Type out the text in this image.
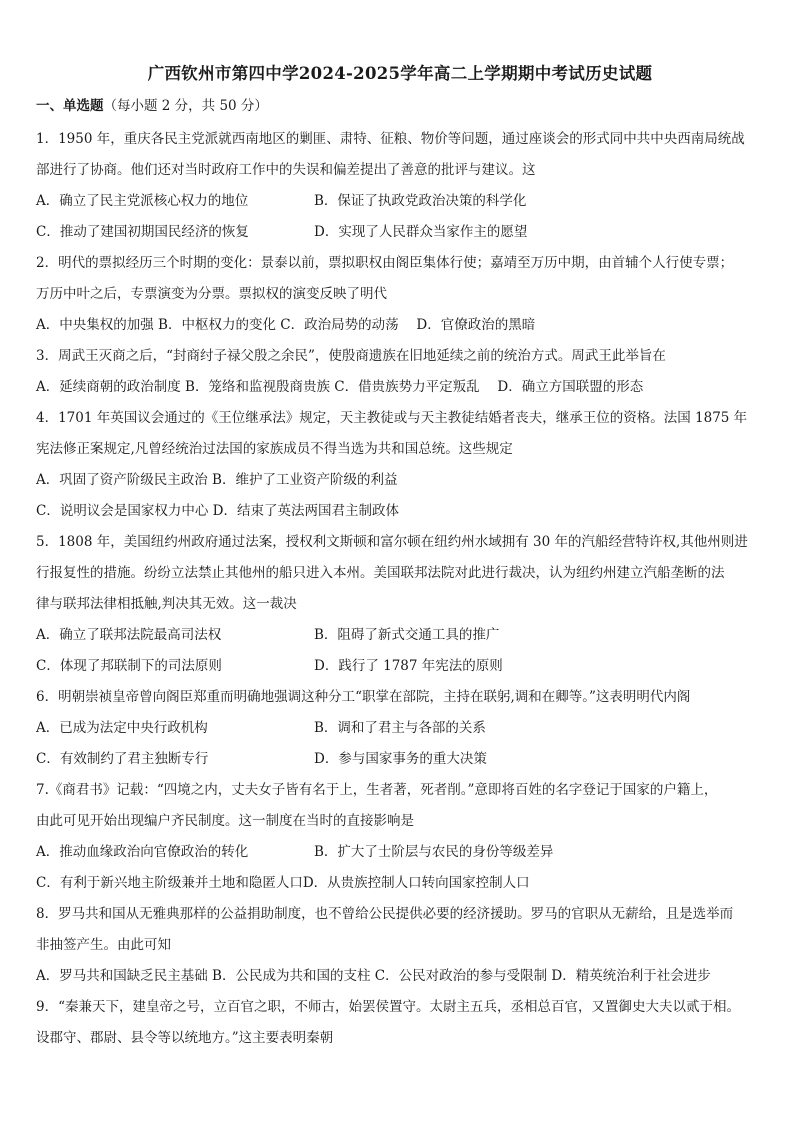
广西钦州市第四中学2024-2025学年高二上学期期中考试历史试题
一、单选题（每小题 2 分，共 50 分）
1．1950 年，重庆各民主党派就西南地区的剿匪、肃特、征粮、物价等问题，通过座谈会的形式同中共中央西南局统战
部进行了协商。他们还对当时政府工作中的失误和偏差提出了善意的批评与建议。这
A．确立了民主党派核心权力的地位	B．保证了执政党政治决策的科学化
C．推动了建国初期国民经济的恢复	D．实现了人民群众当家作主的愿望
2．明代的票拟经历三个时期的变化：景泰以前，票拟职权由阁臣集体行使；嘉靖至万历中期，由首辅个人行使专票；
万历中叶之后，专票演变为分票。票拟权的演变反映了明代
A．中央集权的加强 B．中枢权力的变化 C．政治局势的动荡　 D．官僚政治的黑暗
3．周武王灭商之后，“封商纣子禄父殷之余民”，使殷商遗族在旧地延续之前的统治方式。周武王此举旨在
A．延续商朝的政治制度 B．笼络和监视殷商贵族 C．借贵族势力平定叛乱　 D．确立方国联盟的形态
4．1701 年英国议会通过的《王位继承法》规定，天主教徒或与天主教徒结婚者丧夫，继承王位的资格。法国 1875 年
宪法修正案规定,凡曾经统治过法国的家族成员不得当选为共和国总统。这些规定
A．巩固了资产阶级民主政治 B．维护了工业资产阶级的利益
C．说明议会是国家权力中心 D．结束了英法两国君主制政体
5．1808 年，美国纽约州政府通过法案，授权利文斯顿和富尔顿在纽约州水域拥有 30 年的汽船经营特许权,其他州则进
行报复性的措施。纷纷立法禁止其他州的船只进入本州。美国联邦法院对此进行裁决，认为纽约州建立汽船垄断的法
律与联邦法律相抵触,判决其无效。这一裁决
A．确立了联邦法院最高司法权	B．阻碍了新式交通工具的推广
C．体现了邦联制下的司法原则	D．践行了 1787 年宪法的原则
6．明朝崇祯皇帝曾向阁臣郑重而明确地强调这种分工“职掌在部院，主持在联躬,调和在卿等。”这表明明代内阁
A．已成为法定中央行政机构	B．调和了君主与各部的关系
C．有效制约了君主独断专行	D．参与国家事务的重大决策
7.《商君书》记载：“四境之内，丈夫女子皆有名于上，生者著，死者削。”意即将百姓的名字登记于国家的户籍上，
由此可见开始出现编户齐民制度。这一制度在当时的直接影响是
A．推动血缘政治向官僚政治的转化	B．扩大了士阶层与农民的身份等级差异
C．有利于新兴地主阶级兼并土地和隐匿人口 D．从贵族控制人口转向国家控制人口
8．罗马共和国从无雅典那样的公益捐助制度，也不曾给公民提供必要的经济援助。罗马的官职从无薪给，且是选举而
非抽签产生。由此可知
A．罗马共和国缺乏民主基础 B．公民成为共和国的支柱 C．公民对政治的参与受限制 D．精英统治利于社会进步
9．“秦兼天下，建皇帝之号，立百官之职，不师古，始罢侯置守。太尉主五兵，丞相总百官，又置御史大夫以贰于相。
设郡守、郡尉、县令等以统地方。”这主要表明秦朝
